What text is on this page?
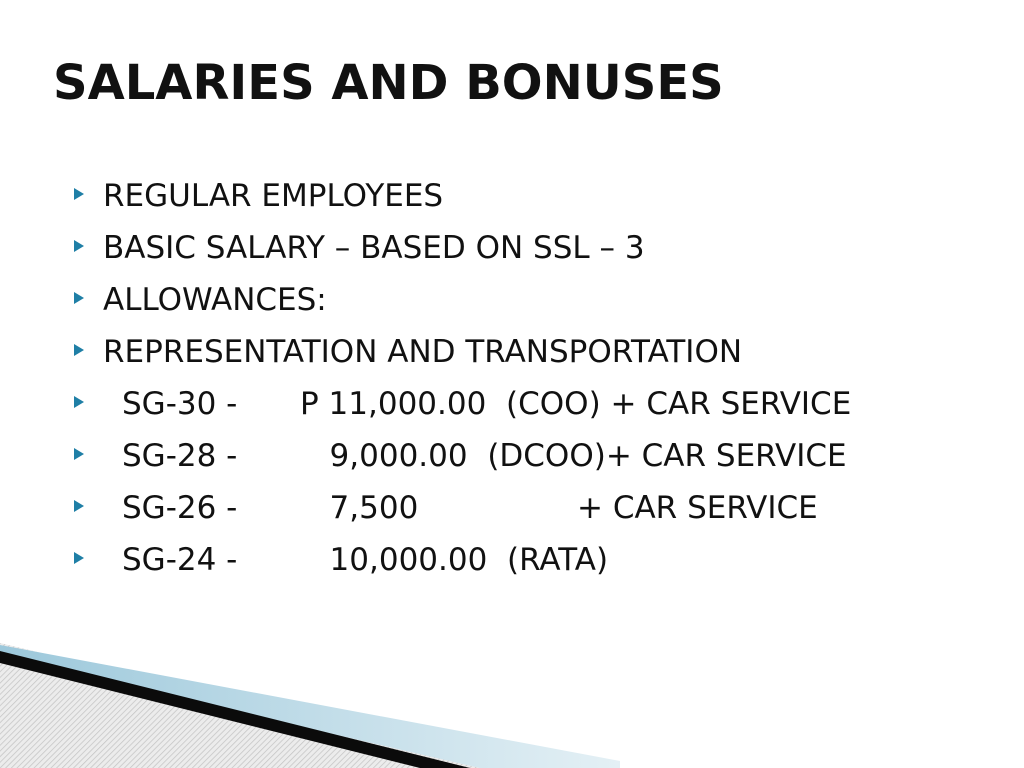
SALARIES AND BONUSES
REGULAR EMPLOYEES
BASIC SALARY – BASED ON SSL – 3
ALLOWANCES:
REPRESENTATION AND TRANSPORTATION
SG-30 - P 11,000.00  (COO) + CAR SERVICE
SG-28 -   9,000.00  (DCOO)+ CAR SERVICE
SG-26 -   7,500	+ CAR SERVICE
SG-24 -   10,000.00  (RATA)
